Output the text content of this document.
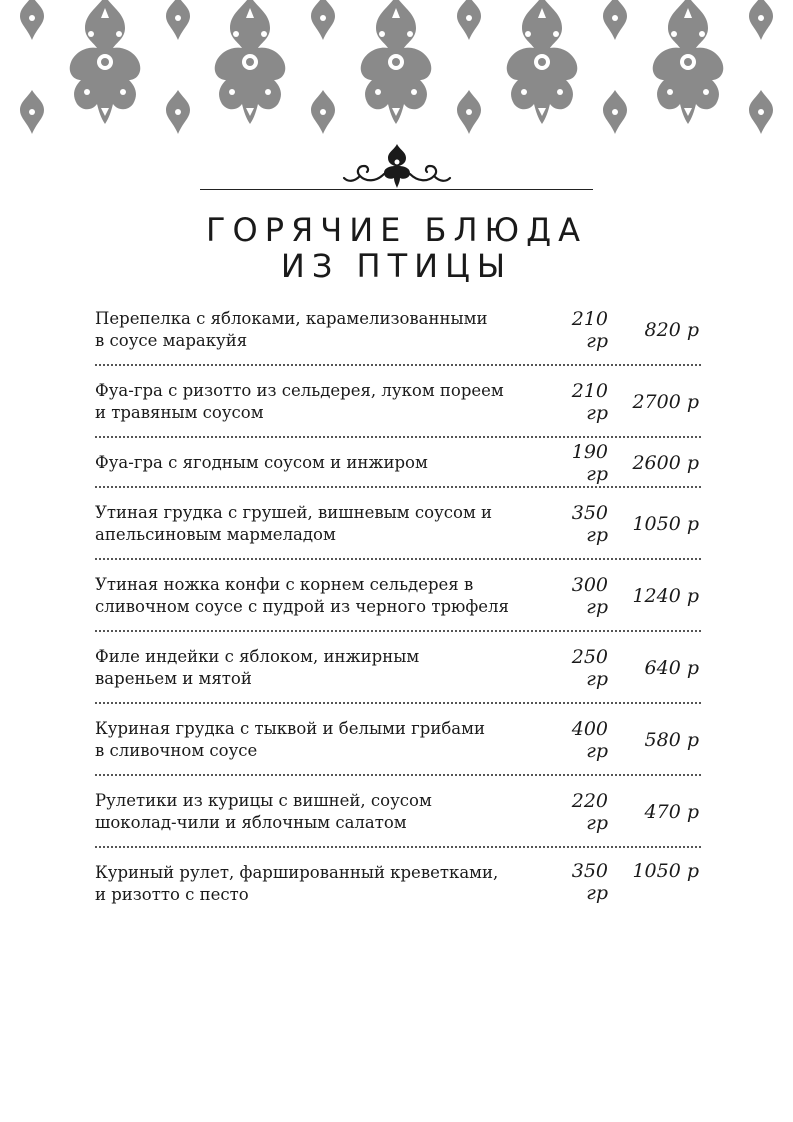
ГОРЯЧИЕ БЛЮДА
ИЗ ПТИЦЫ
Перепелка с яблоками, карамелизованными
в соусе маракуйя
210 гр	820 р
Фуа-гра с ризотто из сельдерея, луком пореем
и травяным соусом
210 гр	2700 р
Фуа-гра с ягодным соусом и инжиром	190 гр	2600 р
Утиная грудка с грушей, вишневым соусом и
апельсиновым мармеладом
350 гр	1050 р
Утиная ножка конфи с корнем сельдерея в
сливочном соусе с пудрой из черного трюфеля
300 гр	1240 р
Филе индейки с яблоком, инжирным
вареньем и мятой
250 гр	640 р
Куриная грудка с тыквой и белыми грибами
в сливочном соусе
400 гр	580 р
Рулетики из курицы с вишней, соусом
шоколад-чили и яблочным салатом
220 гр	470 р
Куриный рулет, фаршированный креветками,
и ризотто с песто
350 гр
1050 р
